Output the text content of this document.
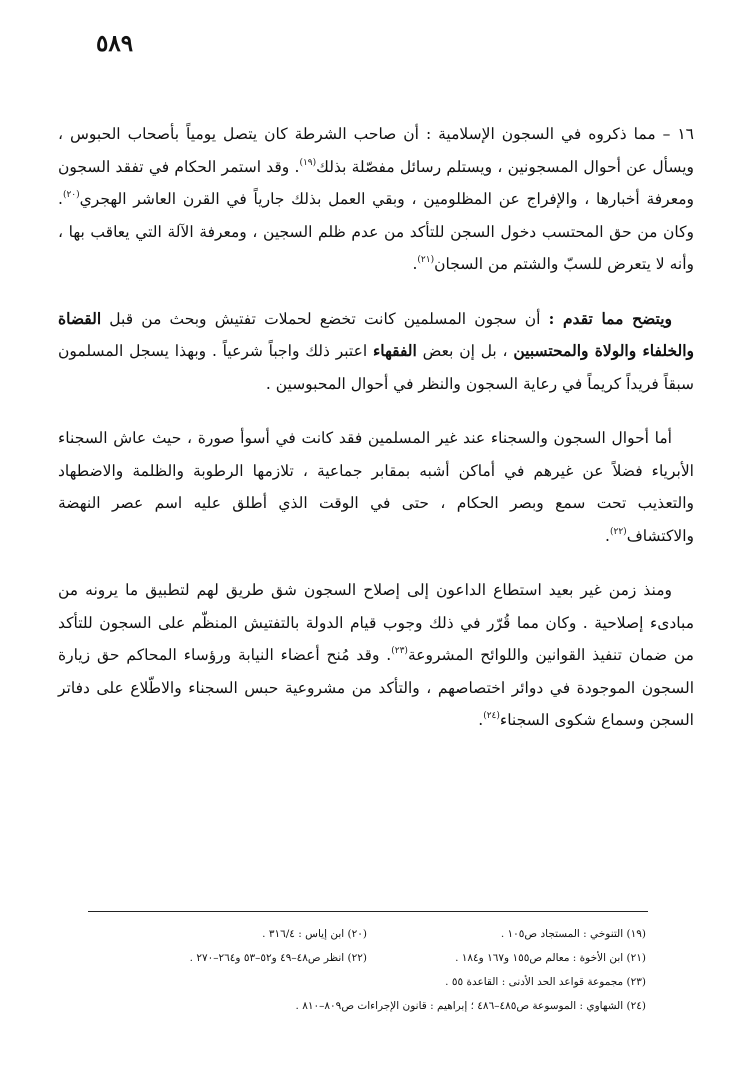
٥٨٩

١٦ – مما ذكروه في السجون الإسلامية : أن صاحب الشرطة كان يتصل يومياً بأصحاب الحبوس ، ويسأل عن أحوال المسجونين ، ويستلم رسائل مفصّلة بذلك$^{(١٩)}$. وقد استمر الحكام في تفقد السجون ومعرفة أخبارها ، والإفراج عن المظلومين ، وبقي العمل بذلك جارياً في القرن العاشر الهجري$^{(٢٠)}$. وكان من حق المحتسب دخول السجن للتأكد من عدم ظلم السجين ، ومعرفة الآلة التي يعاقب بها ، وأنه لا يتعرض للسبّ والشتم من السجان$^{(٢١)}$.

ويتضح مما تقدم : أن سجون المسلمين كانت تخضع لحملات تفتيش وبحث من قبل القضاة والخلفاء والولاة والمحتسبين ، بل إن بعض الفقهاء اعتبر ذلك واجباً شرعياً . وبهذا يسجل المسلمون سبقاً فريداً كريماً في رعاية السجون والنظر في أحوال المحبوسين .

أما أحوال السجون والسجناء عند غير المسلمين فقد كانت في أسوأ صورة ، حيث عاش السجناء الأبرياء فضلاً عن غيرهم في أماكن أشبه بمقابر جماعية ، تلازمها الرطوبة والظلمة والاضطهاد والتعذيب تحت سمع وبصر الحكام ، حتى في الوقت الذي أطلق عليه اسم عصر النهضة والاكتشاف$^{(٢٢)}$.

ومنذ زمن غير بعيد استطاع الداعون إلى إصلاح السجون شق طريق لهم لتطبيق ما يرونه من مبادىء إصلاحية . وكان مما قُرّر في ذلك وجوب قيام الدولة بالتفتيش المنظّم على السجون للتأكد من ضمان تنفيذ القوانين واللوائح المشروعة$^{(٢٣)}$. وقد مُنح أعضاء النيابة ورؤساء المحاكم حق زيارة السجون الموجودة في دوائر اختصاصهم ، والتأكد من مشروعية حبس السجناء والاطّلاع على دفاتر السجن وسماع شكوى السجناء$^{(٢٤)}$.

(١٩) التنوخي : المستجاد ص١٠٥ .
(٢٠) ابن إياس : ٣١٦/٤ .
(٢١) ابن الأخوة : معالم ص١٥٥ و١٦٧ و١٨٤ .
(٢٢) انظر ص٤٨–٤٩ و٥٢–٥٣ و٢٦٤–٢٧٠ .
(٢٣) مجموعة قواعد الحد الأدنى : القاعدة ٥٥ .
(٢٤) الشهاوي : الموسوعة ص٤٨٥–٤٨٦ ؛ إبراهيم : قانون الإجراءات ص٨٠٩–٨١٠ .
